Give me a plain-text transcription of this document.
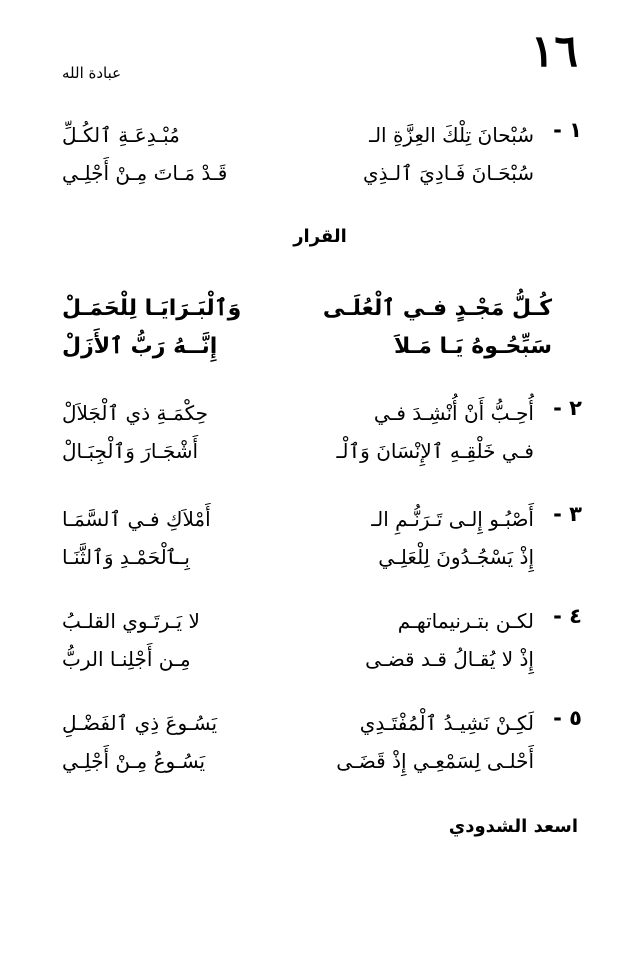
١٦
عبادة الله
١ -
سُبْحانَ تِلْكَ العِزَّةِ الـ
مُبْـدِعَـةِ ٱلكُـلِّ
سُبْحَـانَ فَـادِيَ ٱلـذِي
قَـدْ مَـاتَ مِـنْ أَجْلِـي
القرار
كُـلُّ مَجْـدٍ فـي ٱلْعُلَـى
وَٱلْبَـرَايَـا لِلْحَمَـلْ
سَبِّحُـوهُ يَـا مَـلاَ
إِنَّــهُ رَبُّ ٱلأَزَلْ
٢ -
أُحِـبُّ أَنْ أُنْشِـدَ فـي
حِكْمَـةِ ذي ٱلْجَلاَلْ
فـي خَلْقِـهِ ٱلإِنْسَانَ وَٱلْـ
أَشْجَـارَ وَٱلْجِبَـالْ
٣ -
أَصْبُـو إِلـى تَـرَنُّـمِ الـ
أَمْلاَكِ فـي ٱلسَّمَـا
إِذْ يَسْجُـدُونَ لِلْعَلِـي
بِـٱلْحَمْـدِ وَٱلثَّنَـا
٤ -
لكـن بتـرنيماتهـم
لا يَـرتَـوي القلـبُ
إِذْ لا يُقـالُ قـد قضـى
مِـن أَجْلِنـا الربُّ
٥ -
لَكِـنْ نَشِيـدُ ٱلْمُفْتَـدِي
يَسُـوعَ ذِي ٱلفَضْـلِ
أَحْلـى لِسَمْعِـي إِذْ قَضَـى
يَسُـوعُ مِـنْ أَجْلِـي
اسعد الشدودي
